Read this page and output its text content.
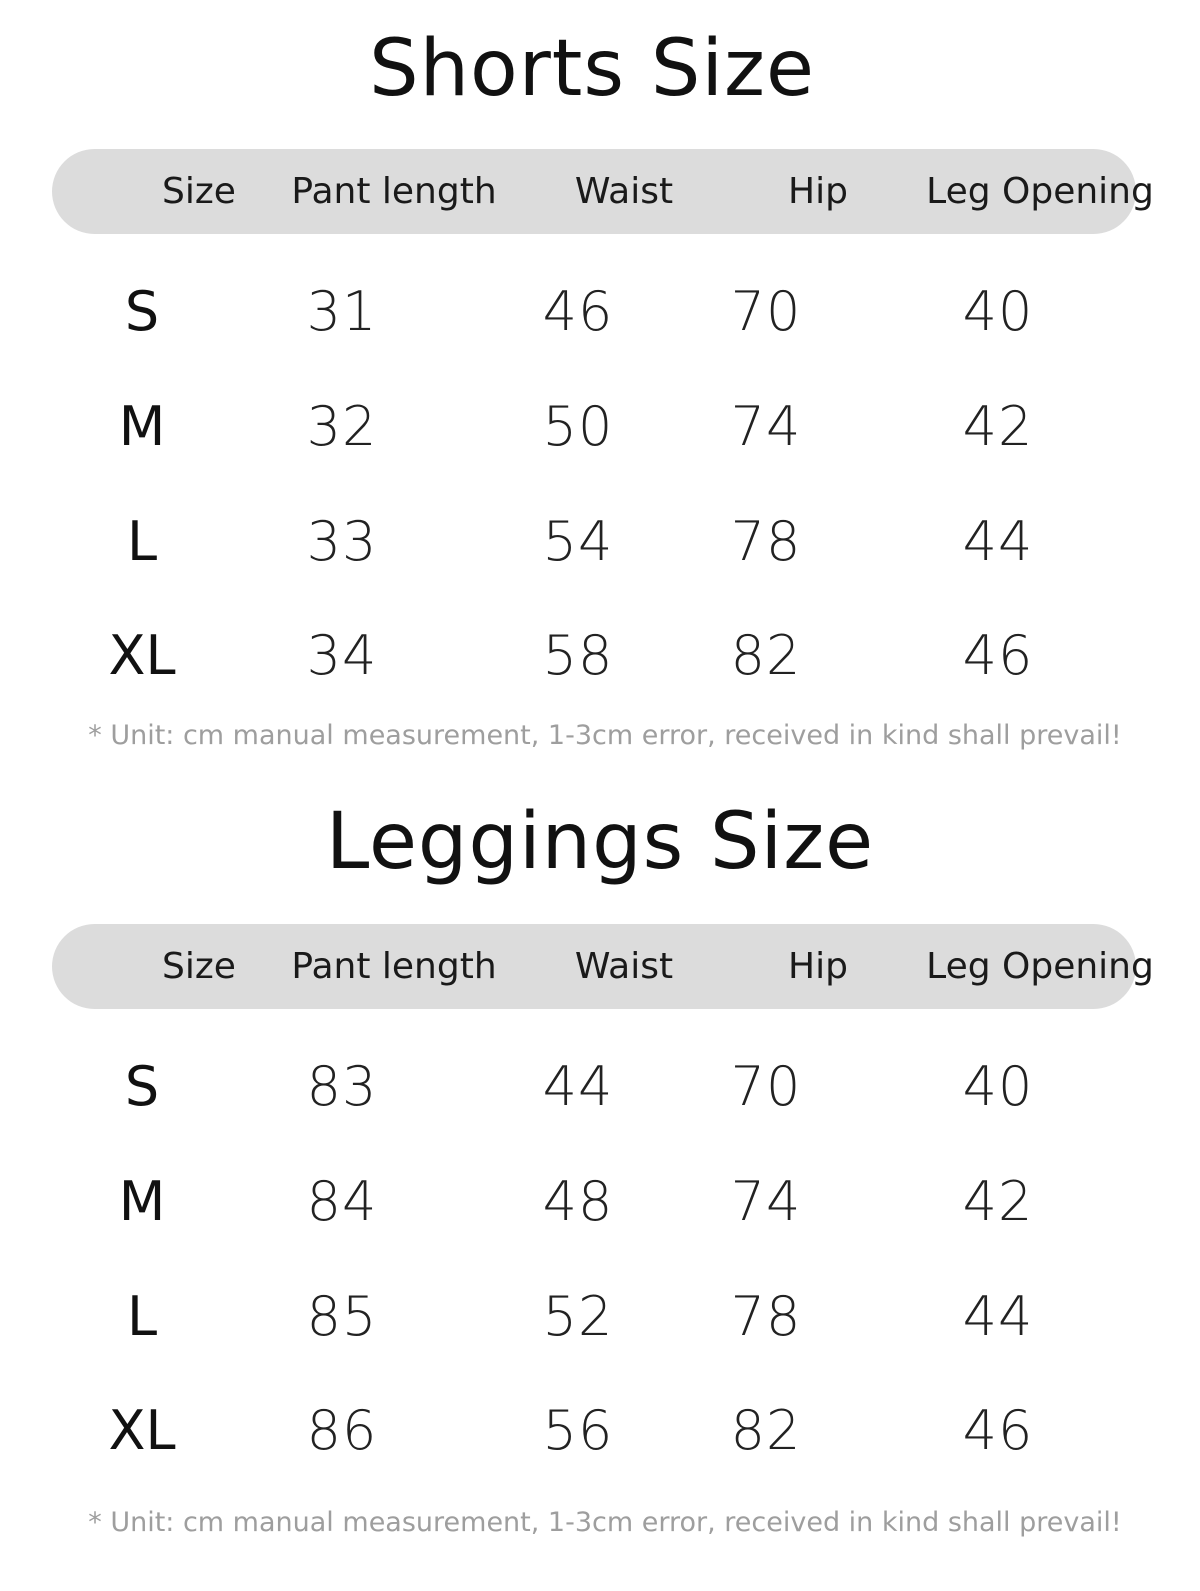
Shorts Size
Size	Pant length	Waist	Hip	Leg Opening
S	31	46	70	40
M	32	50	74	42
L	33	54	78	44
XL	34	58	82	46

* Unit: cm manual measurement, 1-3cm error, received in kind shall prevail!

Leggings Size
Size	Pant length	Waist	Hip	Leg Opening
S	83	44	70	40
M	84	48	74	42
L	85	52	78	44
XL	86	56	82	46

* Unit: cm manual measurement, 1-3cm error, received in kind shall prevail!
